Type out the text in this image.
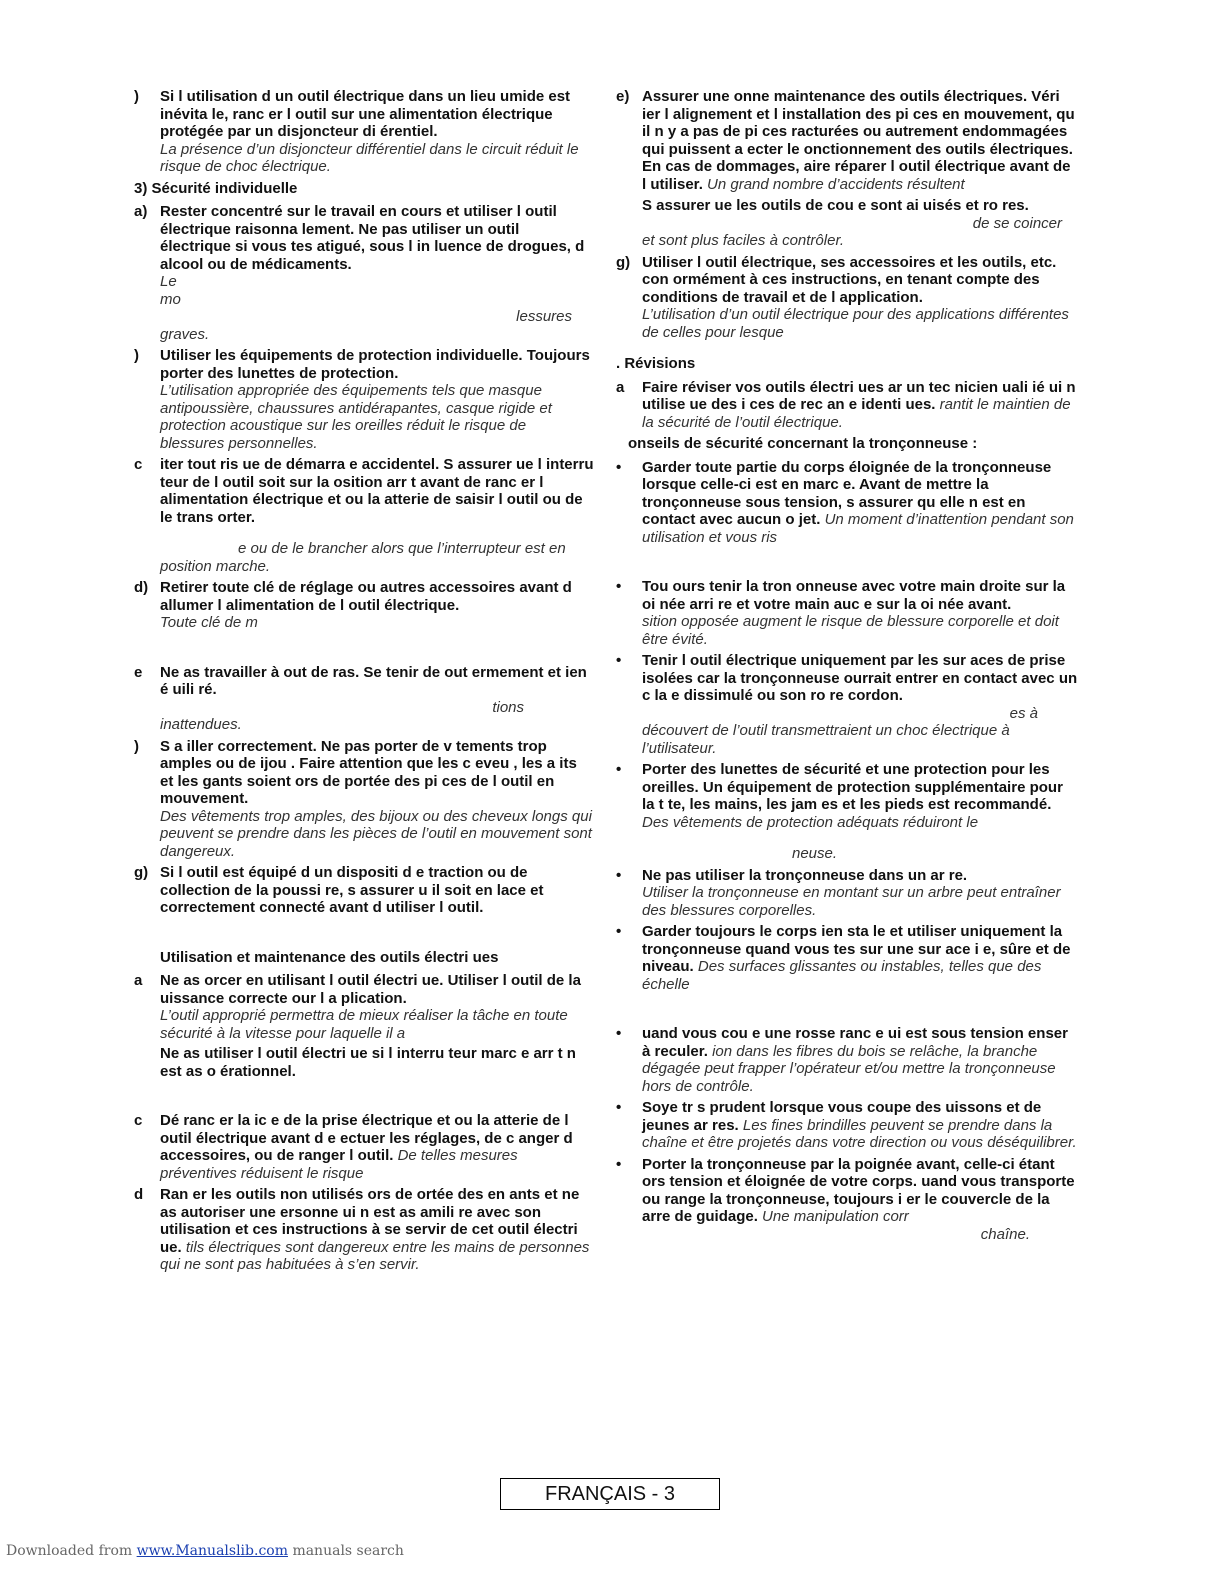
)	Si l utilisation d un outil électrique dans un lieu umide est inévita le, ranc er l outil sur une alimentation électrique protégée par un disjoncteur di érentiel.
La présence d’un disjoncteur différentiel dans le circuit réduit le risque de choc électrique.
3) Sécurité individuelle
a) Rester concentré sur le travail en cours et utiliser l outil électrique raisonna lement. Ne pas utiliser un outil électrique si vous tes atigué, sous l in luence de drogues, d alcool ou de médicaments.
Le
mo
lessures
graves.
)	Utiliser les équipements de protection individuelle. Toujours porter des lunettes de protection.
L’utilisation appropriée des équipements tels que masque antipoussière, chaussures antidérapantes, casque rigide et protection acoustique sur les oreilles réduit le risque de blessures personnelles.
c	iter tout ris ue de démarra e accidentel. S assurer ue l interru teur de l outil soit sur la osition arr t avant de ranc er l alimentation électrique et ou la atterie de saisir l outil ou de le trans orter.
e ou de le brancher alors que l’interrupteur est en position marche.
d) Retirer toute clé de réglage ou autres accessoires avant d allumer l alimentation de l outil électrique.
Toute clé de m
e	Ne as travailler à out de ras. Se tenir de out ermement et ien é uili ré.
tions
inattendues.
)	S a iller correctement. Ne pas porter de v tements trop amples ou de ijou . Faire attention que les c eveu , les a its et les gants soient ors de portée des pi ces de l outil en mouvement.
Des vêtements trop amples, des bijoux ou des cheveux longs qui peuvent se prendre dans les pièces de l’outil en mouvement sont dangereux.
g) Si l outil est équipé d un dispositi d e traction ou de collection de la poussi re, s assurer u il soit en lace et correctement connecté avant d utiliser l outil.
Utilisation et maintenance des outils électri ues
a	Ne as orcer en utilisant l outil électri ue. Utiliser l outil de la uissance correcte our l a plication.
L’outil approprié permettra de mieux réaliser la tâche en toute sécurité à la vitesse pour laquelle il a
Ne as utiliser l outil électri ue si l interru teur marc e arr t n est as o érationnel.
c	Dé ranc er la ic e de la prise électrique et ou la atterie de l outil électrique avant d e ectuer les réglages, de c anger d accessoires, ou de ranger l outil. De telles mesures préventives réduisent le risque
d	Ran er les outils non utilisés ors de ortée des en ants et ne as autoriser une ersonne ui n est as amili re avec son utilisation et ces instructions à se servir de cet outil électri ue. tils électriques sont dangereux entre les mains de personnes qui ne sont pas habituées à s’en servir.
e) Assurer une onne maintenance des outils électriques. Véri ier l alignement et l installation des pi ces en mouvement, qu il n y a pas de pi ces racturées ou autrement endommagées qui puissent a ecter le onctionnement des outils électriques. En cas de dommages, aire réparer l outil électrique avant de l utiliser. Un grand nombre d’accidents résultent
S assurer ue les outils de cou e sont ai uisés et ro res.
de se coincer
et sont plus faciles à contrôler.
g) Utiliser l outil électrique, ses accessoires et les outils, etc. con ormément à ces instructions, en tenant compte des conditions de travail et de l application.
L’utilisation d’un outil électrique pour des applications différentes de celles pour lesque
. Révisions
a	Faire réviser vos outils électri ues ar un tec nicien uali ié ui n utilise ue des i ces de rec an e identi ues. rantit le maintien de la sécurité de l’outil électrique.
onseils de sécurité concernant la tronçonneuse :
•	Garder toute partie du corps éloignée de la tronçonneuse lorsque celle-ci est en marc e. Avant de mettre la tronçonneuse sous tension, s assurer qu elle n est en contact avec aucun o jet. Un moment d’inattention pendant son utilisation et vous ris
•	Tou ours tenir la tron onneuse avec votre main droite sur la oi née arri re et votre main auc e sur la oi née avant.
sition opposée augment le risque de blessure corporelle et doit être évité.
•	Tenir l outil électrique uniquement par les sur aces de prise isolées car la tronçonneuse ourrait entrer en contact avec un c la e dissimulé ou son ro re cordon.
es à
découvert de l’outil transmettraient un choc électrique à l’utilisateur.
•	Porter des lunettes de sécurité et une protection pour les oreilles. Un équipement de protection supplémentaire pour la t te, les mains, les jam es et les pieds est recommandé. Des vêtements de protection adéquats réduiront le
neuse.
•	Ne pas utiliser la tronçonneuse dans un ar re.
Utiliser la tronçonneuse en montant sur un arbre peut entraîner des blessures corporelles.
•	Garder toujours le corps ien sta le et utiliser uniquement la tronçonneuse quand vous tes sur une sur ace i e, sûre et de niveau. Des surfaces glissantes ou instables, telles que des échelle
•	uand vous cou e une rosse ranc e ui est sous tension enser à reculer. ion dans les fibres du bois se relâche, la branche dégagée peut frapper l’opérateur et/ou mettre la tronçonneuse hors de contrôle.
•	Soye tr s prudent lorsque vous coupe des uissons et de jeunes ar res. Les fines brindilles peuvent se prendre dans la chaîne et être projetés dans votre direction ou vous déséquilibrer.
•	Porter la tronçonneuse par la poignée avant, celle-ci étant ors tension et éloignée de votre corps. uand vous transporte ou range la tronçonneuse, toujours i er le couvercle de la arre de guidage. Une manipulation corr
chaîne.
FRANÇAIS - 3
Downloaded from www.Manualslib.com manuals search
